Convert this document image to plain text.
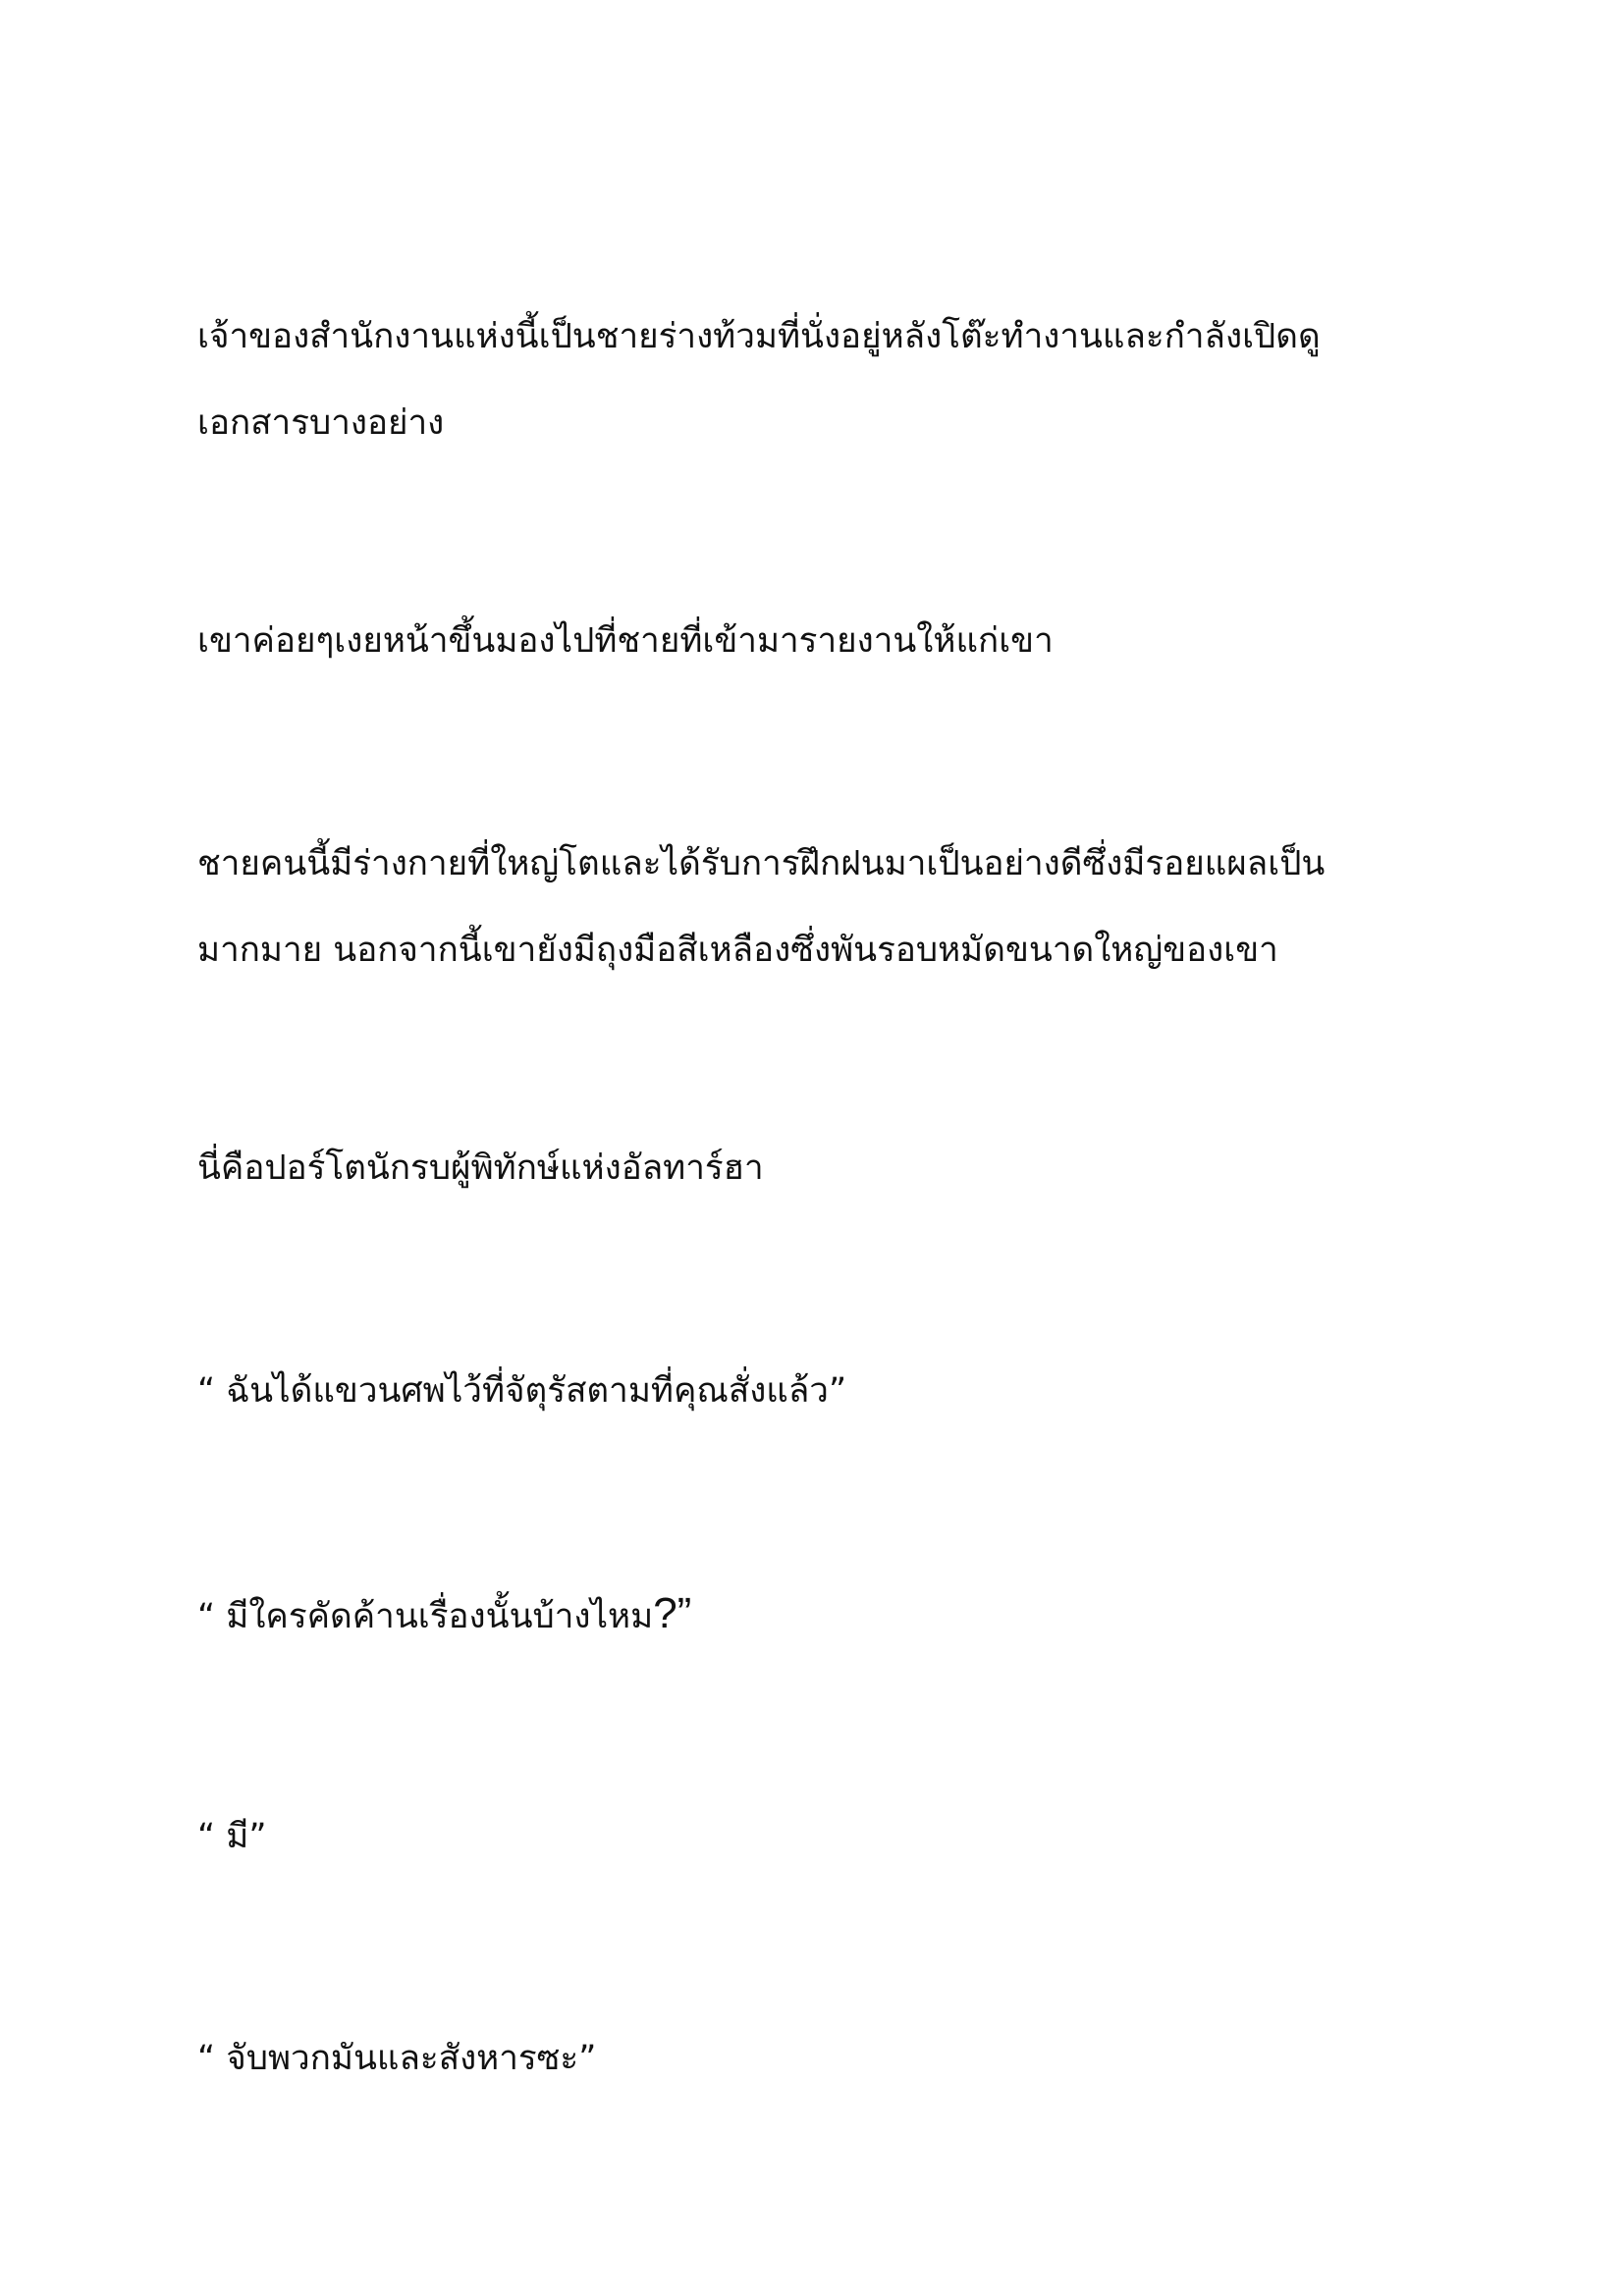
เจ้าของสำนักงานแห่งนี้เป็นชายร่างท้วมที่นั่งอยู่หลังโต๊ะทำงานและกำลังเปิดดู
เอกสารบางอย่าง

เขาค่อยๆเงยหน้าขึ้นมองไปที่ชายที่เข้ามารายงานให้แก่เขา

ชายคนนี้มีร่างกายที่ใหญ่โตและได้รับการฝึกฝนมาเป็นอย่างดีซึ่งมีรอยแผลเป็น
มากมาย นอกจากนี้เขายังมีถุงมือสีเหลืองซึ่งพันรอบหมัดขนาดใหญ่ของเขา

นี่คือปอร์โตนักรบผู้พิทักษ์แห่งอัลทาร์ฮา

“ ฉันได้แขวนศพไว้ที่จัตุรัสตามที่คุณสั่งแล้ว”

“ มีใครคัดค้านเรื่องนั้นบ้างไหม?”

“ มี”

“ จับพวกมันและสังหารซะ”
